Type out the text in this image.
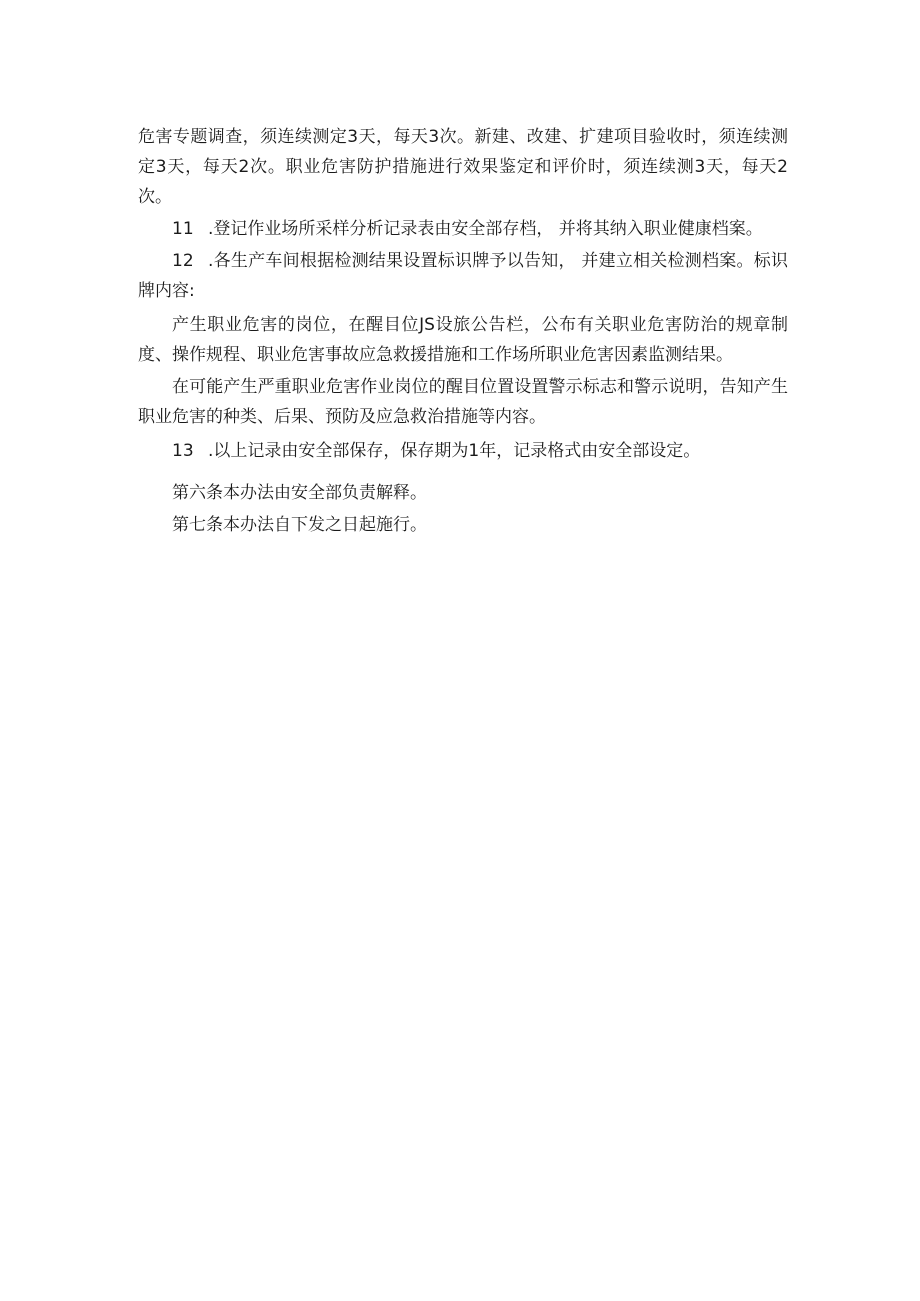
危害专题调查，须连续测定3天，每天3次。新建、改建、扩建项目验收时，须连续测定3天，每天2次。职业危害防护措施进行效果鉴定和评价时，须连续测3天，每天2次。

11 .登记作业场所采样分析记录表由安全部存档， 并将其纳入职业健康档案。

12 .各生产车间根据检测结果设置标识牌予以告知， 并建立相关检测档案。标识牌内容:

产生职业危害的岗位，在醒目位JS设旅公告栏，公布有关职业危害防治的规章制度、操作规程、职业危害事故应急救援措施和工作场所职业危害因素监测结果。

在可能产生严重职业危害作业岗位的醒目位置设置警示标志和警示说明，告知产生职业危害的种类、后果、预防及应急救治措施等内容。

13 .以上记录由安全部保存，保存期为1年，记录格式由安全部设定。

第六条本办法由安全部负责解释。

第七条本办法自下发之日起施行。
